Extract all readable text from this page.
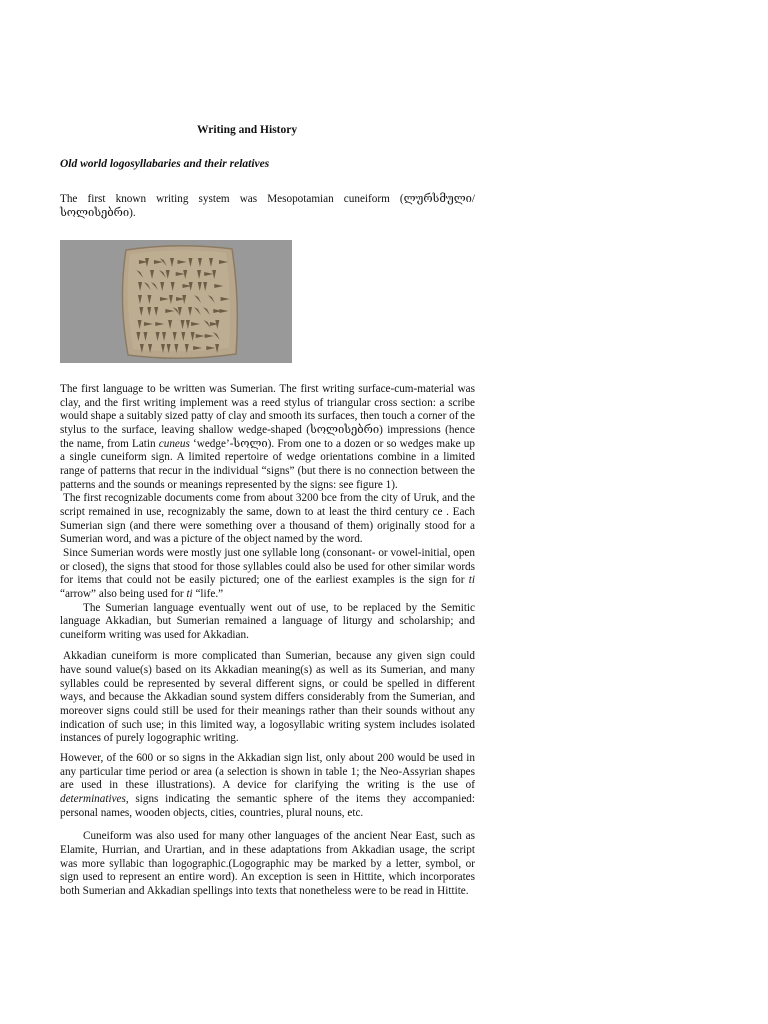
Writing and History
Old world logosyllabaries and their relatives
The first known writing system was Mesopotamian cuneiform (ლურსმული/ სოლისებრი).

The first language to be written was Sumerian. The first writing surface-cum-material was clay, and the first writing implement was a reed stylus of triangular cross section: a scribe would shape a suitably sized patty of clay and smooth its surfaces, then touch a corner of the stylus to the surface, leaving shallow wedge-shaped (სოლისებრი) impressions (hence the name, from Latin cuneus ‘wedge’-სოლი). From one to a dozen or so wedges make up a single cuneiform sign. A limited repertoire of wedge orientations combine in a limited range of patterns that recur in the individual “signs” (but there is no connection between the patterns and the sounds or meanings represented by the signs: see figure 1).

The first recognizable documents come from about 3200 bce from the city of Uruk, and the script remained in use, recognizably the same, down to at least the third century ce . Each Sumerian sign (and there were something over a thousand of them) originally stood for a Sumerian word, and was a picture of the object named by the word.

Since Sumerian words were mostly just one syllable long (consonant- or vowel-initial, open or closed), the signs that stood for those syllables could also be used for other similar words for items that could not be easily pictured; one of the earliest examples is the sign for ti “arrow” also being used for ti “life.”

The Sumerian language eventually went out of use, to be replaced by the Semitic language Akkadian, but Sumerian remained a language of liturgy and scholarship; and cuneiform writing was used for Akkadian.

Akkadian cuneiform is more complicated than Sumerian, because any given sign could have sound value(s) based on its Akkadian meaning(s) as well as its Sumerian, and many syllables could be represented by several different signs, or could be spelled in different ways, and because the Akkadian sound system differs considerably from the Sumerian, and moreover signs could still be used for their meanings rather than their sounds without any indication of such use; in this limited way, a logosyllabic writing system includes isolated instances of purely logographic writing.

However, of the 600 or so signs in the Akkadian sign list, only about 200 would be used in any particular time period or area (a selection is shown in table 1; the Neo-Assyrian shapes are used in these illustrations). A device for clarifying the writing is the use of determinatives, signs indicating the semantic sphere of the items they accompanied: personal names, wooden objects, cities, countries, plural nouns, etc.

Cuneiform was also used for many other languages of the ancient Near East, such as Elamite, Hurrian, and Urartian, and in these adaptations from Akkadian usage, the script was more syllabic than logographic.(Logographic may be marked by a letter, symbol, or sign used to represent an entire word). An exception is seen in Hittite, which incorporates both Sumerian and Akkadian spellings into texts that nonetheless were to be read in Hittite.
